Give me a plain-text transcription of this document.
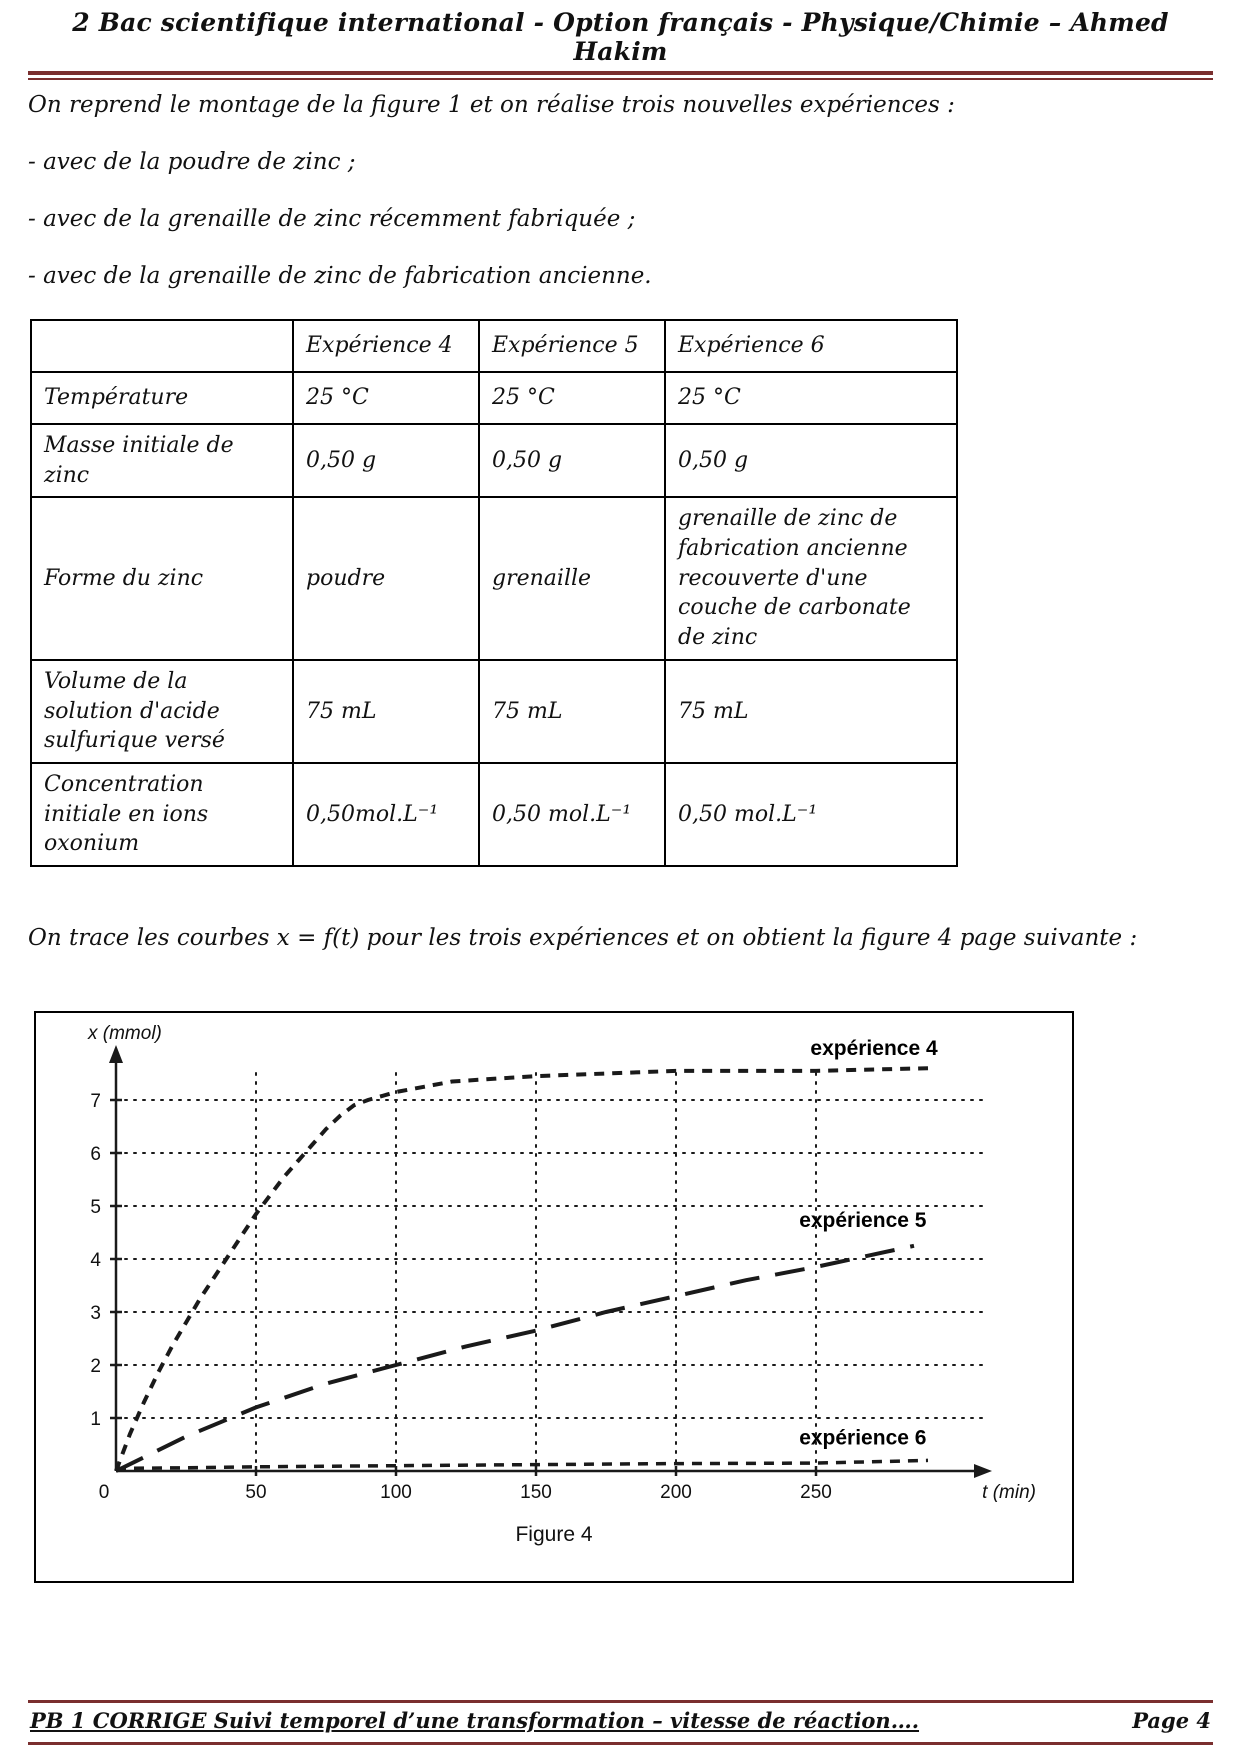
2 Bac scientifique international - Option français - Physique/Chimie – Ahmed Hakim

On reprend le montage de la figure 1 et on réalise trois nouvelles expériences :

- avec de la poudre de zinc ;

- avec de la grenaille de zinc récemment fabriquée ;

- avec de la grenaille de zinc de fabrication ancienne.

	Expérience 4	Expérience 5	Expérience 6
Température	25 °C	25 °C	25 °C
Masse initiale de zinc	0,50 g	0,50 g	0,50 g
Forme du zinc	poudre	grenaille	grenaille de zinc de fabrication ancienne recouverte d'une couche de carbonate de zinc
Volume de la solution d'acide sulfurique versé	75 mL	75 mL	75 mL
Concentration initiale en ions oxonium	0,50mol.L⁻¹	0,50 mol.L⁻¹	0,50 mol.L⁻¹

On trace les courbes x = f(t) pour les trois expériences et on obtient la figure 4 page suivante :

0	50	100	150	200	250
1
2
3
4
5
6
7
x (mmol)
t (min)
expérience 4
expérience 5
expérience 6
Figure 4
PB 1 CORRIGE Suivi temporel d’une transformation – vitesse de réaction….	Page 4
